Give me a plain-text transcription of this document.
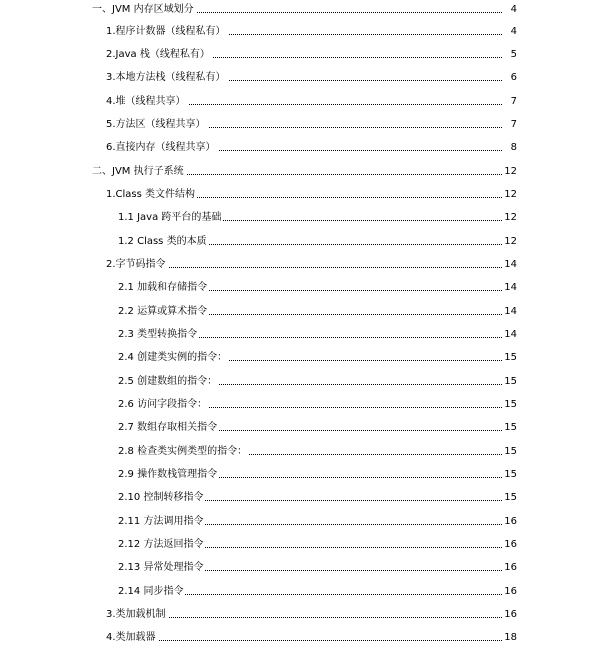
一、JVM 内存区域划分	4
1.程序计数器（线程私有）	4
2.Java 栈（线程私有）	5
3.本地方法栈（线程私有）	6
4.堆（线程共享）	7
5.方法区（线程共享）	7
6.直接内存（线程共享）	8
二、JVM 执行子系统	12
1.Class 类文件结构	12
1.1 Java 跨平台的基础	12
1.2 Class 类的本质	12
2.字节码指令	14
2.1 加载和存储指令	14
2.2 运算或算术指令	14
2.3 类型转换指令	14
2.4 创建类实例的指令：	15
2.5 创建数组的指令：	15
2.6 访问字段指令：	15
2.7 数组存取相关指令	15
2.8 检查类实例类型的指令：	15
2.9 操作数栈管理指令	15
2.10 控制转移指令	15
2.11 方法调用指令	16
2.12 方法返回指令	16
2.13 异常处理指令	16
2.14 同步指令	16
3.类加载机制	16
4.类加载器	18
